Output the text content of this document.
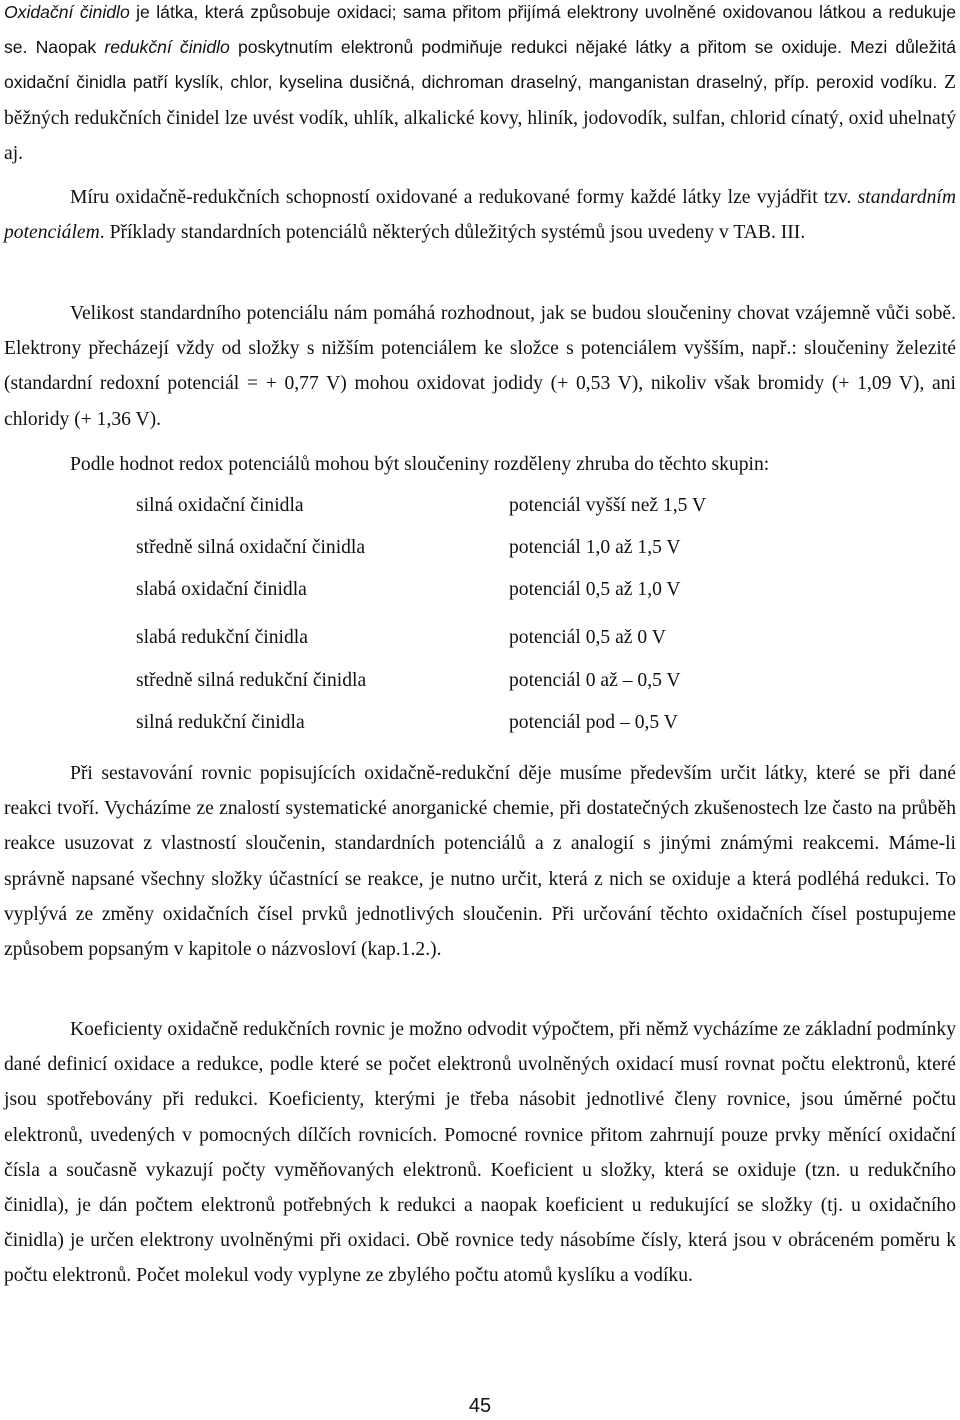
Oxidační činidlo je látka, která způsobuje oxidaci; sama přitom přijímá elektrony uvolněné oxidovanou látkou a redukuje se. Naopak redukční činidlo poskytnutím elektronů podmiňuje redukci nějaké látky a přitom se oxiduje. Mezi důležitá oxidační činidla patří kyslík, chlor, kyselina dusičná, dichroman draselný, manganistan draselný, příp. peroxid vodíku. Z běžných redukčních činidel lze uvést vodík, uhlík, alkalické kovy, hliník, jodovodík, sulfan, chlorid cínatý, oxid uhelnatý aj.

Míru oxidačně-redukčních schopností oxidované a redukované formy každé látky lze vyjádřit tzv. standardním potenciálem. Příklady standardních potenciálů některých důležitých systémů jsou uvedeny v TAB. III.

Velikost standardního potenciálu nám pomáhá rozhodnout, jak se budou sloučeniny chovat vzájemně vůči sobě. Elektrony přecházejí vždy od složky s nižším potenciálem ke složce s potenciálem vyšším, např.: sloučeniny železité (standardní redoxní potenciál = + 0,77 V) mohou oxidovat jodidy (+ 0,53 V), nikoliv však bromidy (+ 1,09 V), ani chloridy (+ 1,36 V).

Podle hodnot redox potenciálů mohou být sloučeniny rozděleny zhruba do těchto skupin:

Při sestavování rovnic popisujících oxidačně-redukční děje musíme především určit látky, které se při dané reakci tvoří. Vycházíme ze znalostí systematické anorganické chemie, při dostatečných zkušenostech lze často na průběh reakce usuzovat z vlastností sloučenin, standardních potenciálů a z analogií s jinými známými reakcemi. Máme-li správně napsané všechny složky účastnící se reakce, je nutno určit, která z nich se oxiduje a která podléhá redukci. To vyplývá ze změny oxidačních čísel prvků jednotlivých sloučenin. Při určování těchto oxidačních čísel postupujeme způsobem popsaným v kapitole o názvosloví (kap.1.2.).

Koeficienty oxidačně redukčních rovnic je možno odvodit výpočtem, při němž vycházíme ze základní podmínky dané definicí oxidace a redukce, podle které se počet elektronů uvolněných oxidací musí rovnat počtu elektronů, které jsou spotřebovány při redukci. Koeficienty, kterými je třeba násobit jednotlivé členy rovnice, jsou úměrné počtu elektronů, uvedených v pomocných dílčích rovnicích. Pomocné rovnice přitom zahrnují pouze prvky měnící oxidační čísla a současně vykazují počty vyměňovaných elektronů. Koeficient u složky, která se oxiduje (tzn. u redukčního činidla), je dán počtem elektronů potřebných k redukci a naopak koeficient u redukující se složky (tj. u oxidačního činidla) je určen elektrony uvolněnými při oxidaci. Obě rovnice tedy násobíme čísly, která jsou v obráceném poměru k počtu elektronů. Počet molekul vody vyplyne ze zbylého počtu atomů kyslíku a vodíku.

silná oxidační činidla	potenciál vyšší než 1,5 V
středně silná oxidační činidla	potenciál 1,0 až 1,5 V
slabá oxidační činidla	potenciál 0,5 až 1,0 V
slabá redukční činidla	potenciál 0,5 až 0 V
středně silná redukční činidla	potenciál 0 až – 0,5 V
silná redukční činidla	potenciál pod – 0,5 V
45
